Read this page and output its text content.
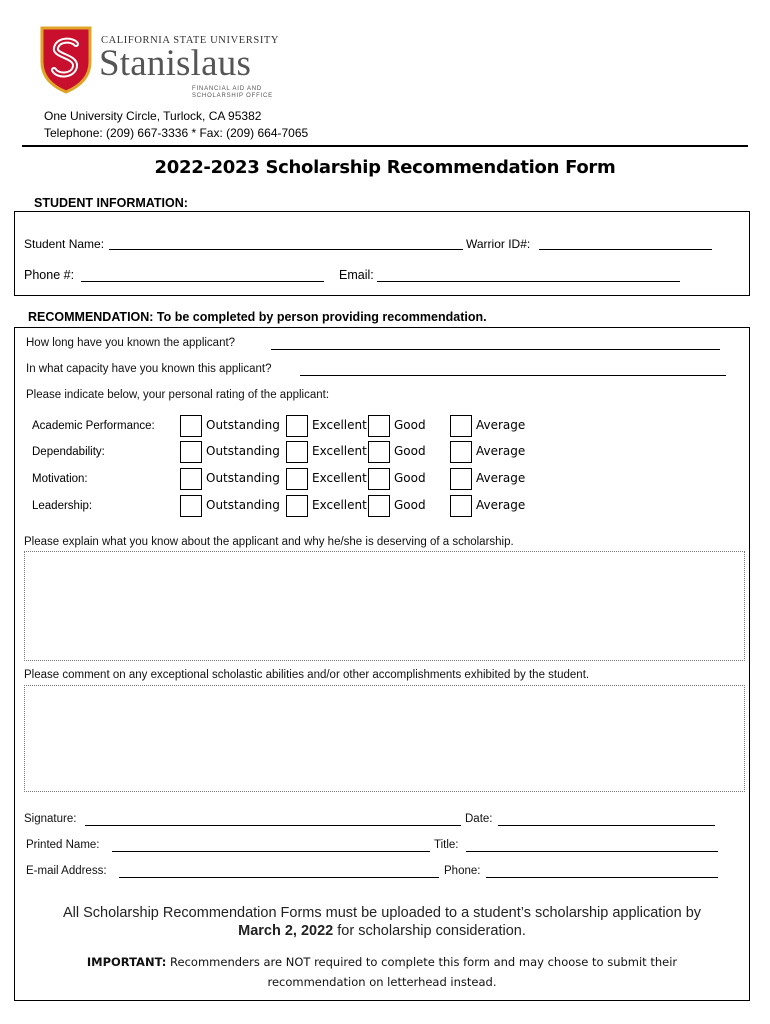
CALIFORNIA STATE UNIVERSITY
Stanislaus
FINANCIAL AID AND
SCHOLARSHIP OFFICE
One University Circle, Turlock, CA 95382
Telephone: (209) 667-3336 * Fax: (209) 664-7065
2022-2023 Scholarship Recommendation Form
STUDENT INFORMATION:
Student Name:	Warrior ID#:
Phone #:	Email:
RECOMMENDATION: To be completed by person providing recommendation.
How long have you known the applicant?
In what capacity have you known this applicant?
Please indicate below, your personal rating of the applicant:
Academic Performance:	Outstanding	Excellent Good	Average
Dependability:	Outstanding	Excellent Good	Average
Motivation:	Outstanding	Excellent Good	Average
Leadership:	Outstanding	Excellent Good	Average
Please explain what you know about the applicant and why he/she is deserving of a scholarship.
Please comment on any exceptional scholastic abilities and/or other accomplishments exhibited by the student.
Signature:	Date:
Printed Name:	Title:
E-mail Address:	Phone:
All Scholarship Recommendation Forms must be uploaded to a student’s scholarship application by
March 2, 2022 for scholarship consideration.
IMPORTANT: Recommenders are NOT required to complete this form and may choose to submit their
recommendation on letterhead instead.
